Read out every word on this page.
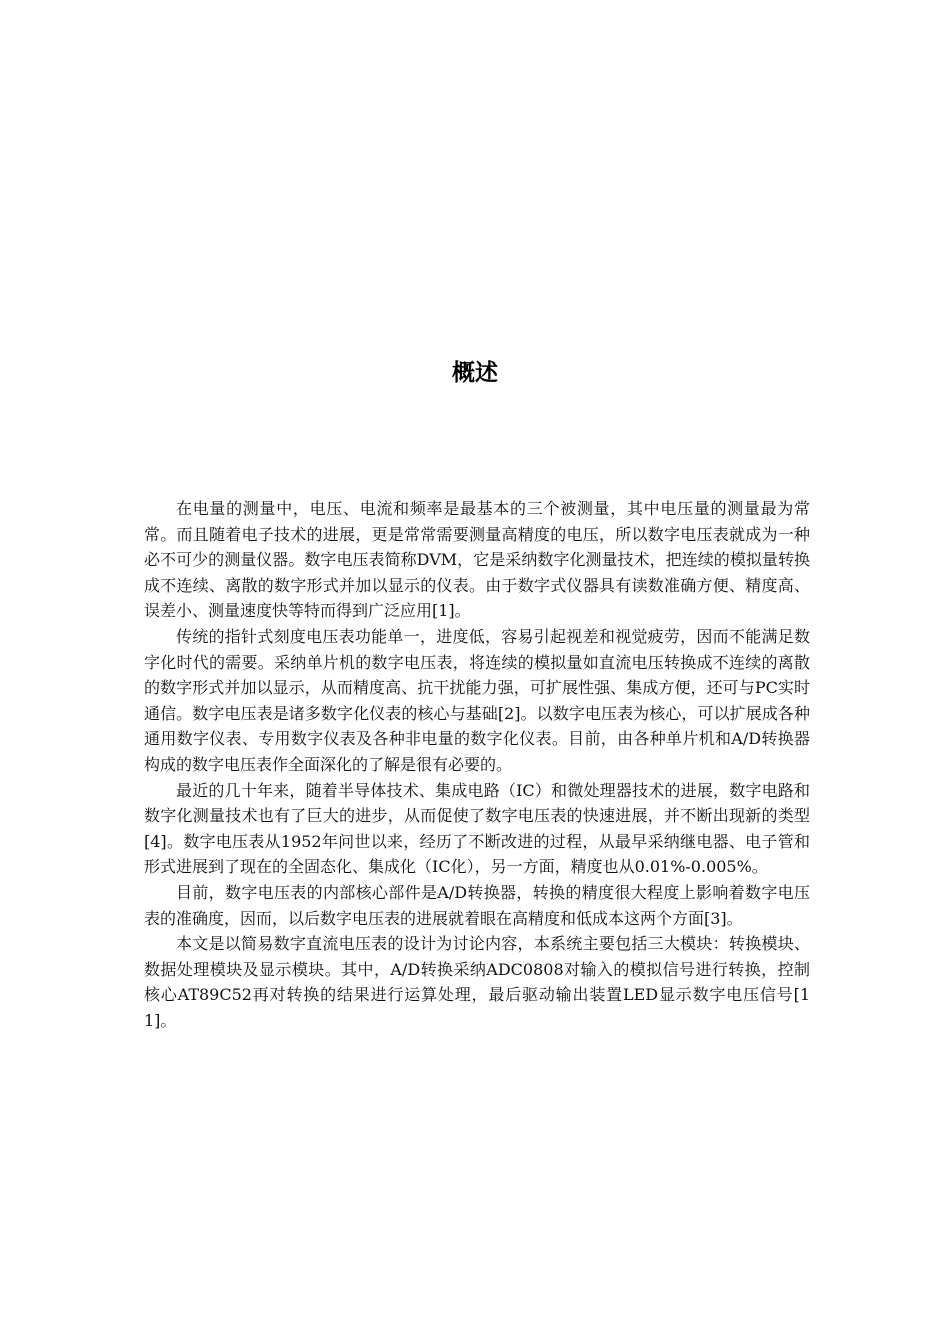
概述

在电量的测量中，电压、电流和频率是最基本的三个被测量，其中电压量的测量最为常常。而且随着电子技术的进展，更是常常需要测量高精度的电压，所以数字电压表就成为一种必不可少的测量仪器。数字电压表简称DVM，它是采纳数字化测量技术，把连续的模拟量转换成不连续、离散的数字形式并加以显示的仪表。由于数字式仪器具有读数准确方便、精度高、误差小、测量速度快等特而得到广泛应用[1]。

传统的指针式刻度电压表功能单一，进度低，容易引起视差和视觉疲劳，因而不能满足数字化时代的需要。采纳单片机的数字电压表，将连续的模拟量如直流电压转换成不连续的离散的数字形式并加以显示，从而精度高、抗干扰能力强，可扩展性强、集成方便，还可与PC实时通信。数字电压表是诸多数字化仪表的核心与基础[2]。以数字电压表为核心，可以扩展成各种通用数字仪表、专用数字仪表及各种非电量的数字化仪表。目前，由各种单片机和A/D转换器构成的数字电压表作全面深化的了解是很有必要的。

最近的几十年来，随着半导体技术、集成电路（IC）和微处理器技术的进展，数字电路和数字化测量技术也有了巨大的进步，从而促使了数字电压表的快速进展，并不断出现新的类型[4]。数字电压表从1952年问世以来，经历了不断改进的过程，从最早采纳继电器、电子管和形式进展到了现在的全固态化、集成化（IC化），另一方面，精度也从0.01%-0.005%。

目前，数字电压表的内部核心部件是A/D转换器，转换的精度很大程度上影响着数字电压表的准确度，因而，以后数字电压表的进展就着眼在高精度和低成本这两个方面[3]。

本文是以简易数字直流电压表的设计为讨论内容，本系统主要包括三大模块：转换模块、数据处理模块及显示模块。其中，A/D转换采纳ADC0808对输入的模拟信号进行转换，控制核心AT89C52再对转换的结果进行运算处理，最后驱动输出装置LED显示数字电压信号[11]。
